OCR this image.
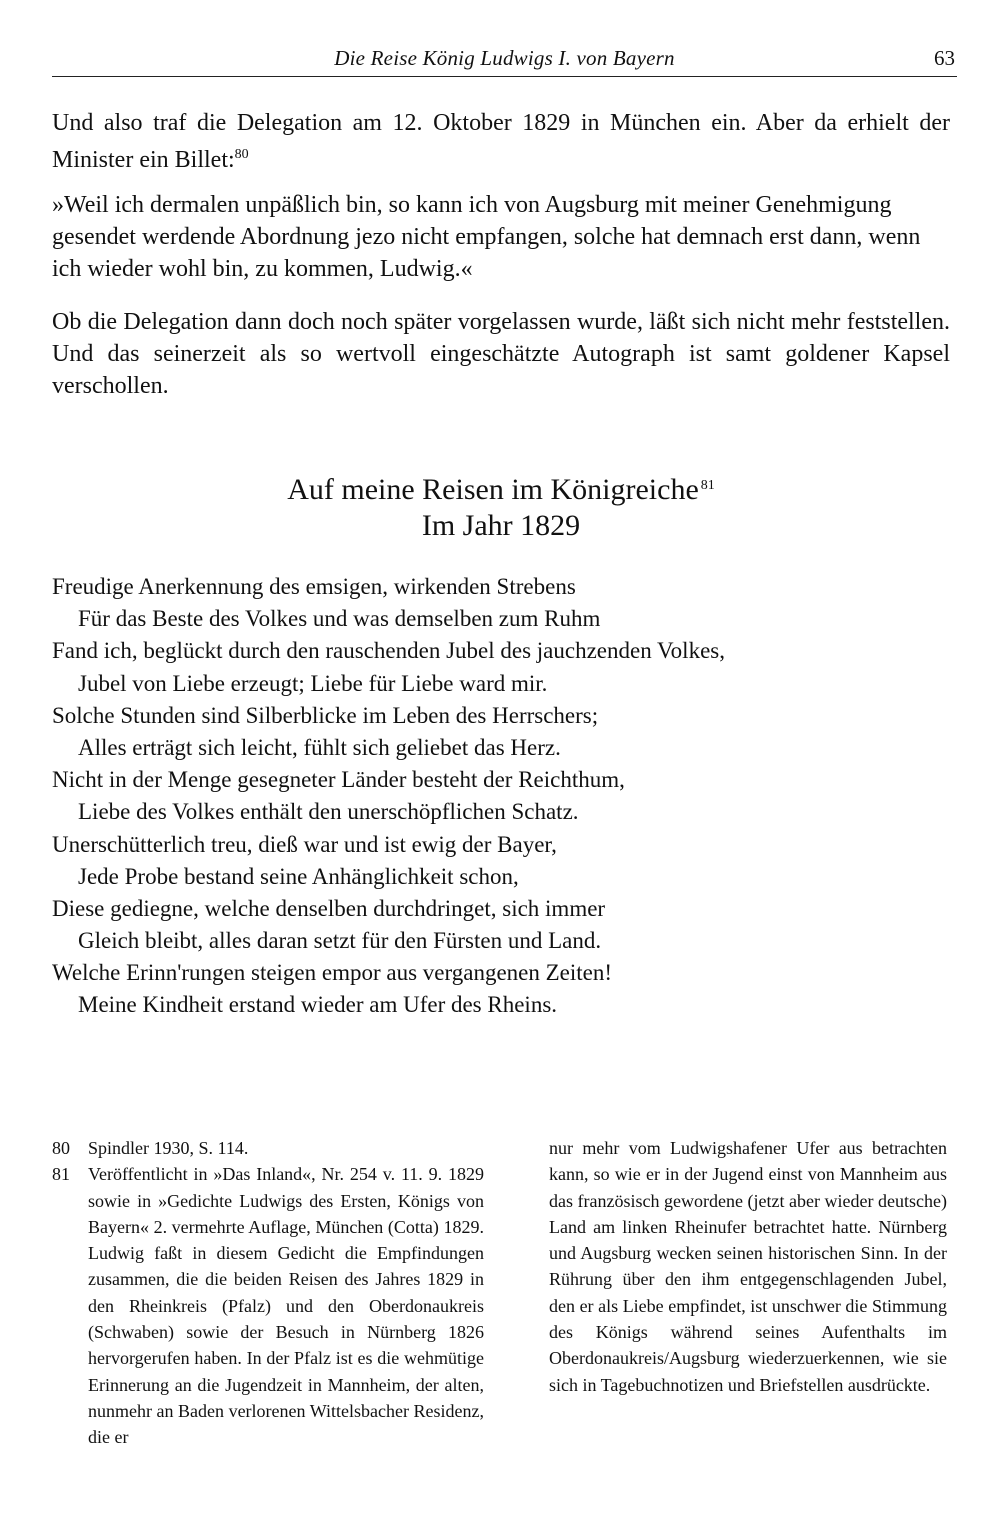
Die Reise König Ludwigs I. von Bayern	63

Und also traf die Delegation am 12. Oktober 1829 in München ein. Aber da erhielt der Minister ein Billet:$^{80}$

»Weil ich dermalen unpäßlich bin, so kann ich von Augsburg mit meiner Genehmigung gesendet werdende Abordnung jezo nicht empfangen, solche hat demnach erst dann, wenn ich wieder wohl bin, zu kommen, Ludwig.«

Ob die Delegation dann doch noch später vorgelassen wurde, läßt sich nicht mehr feststellen. Und das seinerzeit als so wertvoll eingeschätzte Autograph ist samt goldener Kapsel verschollen.

Auf meine Reisen im Königreiche $^{81}$
Im Jahr 1829
Freudige Anerkennung des emsigen, wirkenden Strebens
Für das Beste des Volkes und was demselben zum Ruhm
Fand ich, beglückt durch den rauschenden Jubel des jauchzenden Volkes,
Jubel von Liebe erzeugt; Liebe für Liebe ward mir.
Solche Stunden sind Silberblicke im Leben des Herrschers;
Alles erträgt sich leicht, fühlt sich geliebet das Herz.
Nicht in der Menge gesegneter Länder besteht der Reichthum,
Liebe des Volkes enthält den unerschöpflichen Schatz.
Unerschütterlich treu, dieß war und ist ewig der Bayer,
Jede Probe bestand seine Anhänglichkeit schon,
Diese gediegne, welche denselben durchdringet, sich immer
Gleich bleibt, alles daran setzt für den Fürsten und Land.
Welche Erinn'rungen steigen empor aus vergangenen Zeiten!
Meine Kindheit erstand wieder am Ufer des Rheins.
80 Spindler 1930, S. 114.
81 Veröffentlicht in »Das Inland«, Nr. 254 v. 11. 9. 1829 sowie in »Gedichte Ludwigs des Ersten, Königs von Bayern« 2. vermehrte Auflage, München (Cotta) 1829. Ludwig faßt in diesem Gedicht die Empfindungen zusammen, die die beiden Reisen des Jahres 1829 in den Rheinkreis (Pfalz) und den Oberdonaukreis (Schwaben) sowie der Besuch in Nürnberg 1826 hervorgerufen haben. In der Pfalz ist es die wehmütige Erinnerung an die Jugendzeit in Mannheim, der alten, nunmehr an Baden verlorenen Wittelsbacher Residenz, die er
nur mehr vom Ludwigshafener Ufer aus betrachten kann, so wie er in der Jugend einst von Mannheim aus das französisch gewordene (jetzt aber wieder deutsche) Land am linken Rheinufer betrachtet hatte. Nürnberg und Augsburg wecken seinen historischen Sinn. In der Rührung über den ihm entgegenschlagenden Jubel, den er als Liebe empfindet, ist unschwer die Stimmung des Königs während seines Aufenthalts im Oberdonaukreis/Augsburg wiederzuerkennen, wie sie sich in Tagebuchnotizen und Briefstellen ausdrückte.
